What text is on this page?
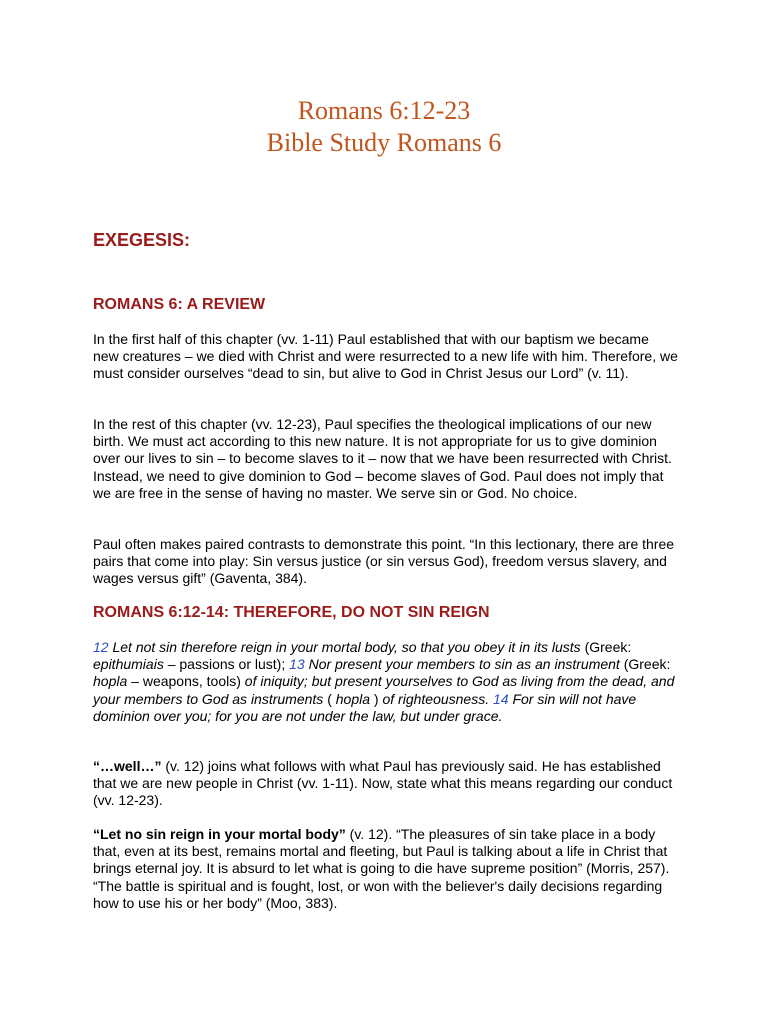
Romans 6:12-23
Bible Study Romans 6
EXEGESIS:
ROMANS 6: A REVIEW

In the first half of this chapter (vv. 1-11) Paul established that with our baptism we became new creatures – we died with Christ and were resurrected to a new life with him. Therefore, we must consider ourselves “dead to sin, but alive to God in Christ Jesus our Lord” (v. 11).

In the rest of this chapter (vv. 12-23), Paul specifies the theological implications of our new birth. We must act according to this new nature. It is not appropriate for us to give dominion over our lives to sin – to become slaves to it – now that we have been resurrected with Christ. Instead, we need to give dominion to God – become slaves of God. Paul does not imply that we are free in the sense of having no master. We serve sin or God. No choice.

Paul often makes paired contrasts to demonstrate this point. “In this lectionary, there are three pairs that come into play: Sin versus justice (or sin versus God), freedom versus slavery, and wages versus gift” (Gaventa, 384).

ROMANS 6:12-14: THEREFORE, DO NOT SIN REIGN

12 Let not sin therefore reign in your mortal body, so that you obey it in its lusts (Greek: epithumiais – passions or lust); 13 Nor present your members to sin as an instrument (Greek: hopla – weapons, tools) of iniquity; but present yourselves to God as living from the dead, and your members to God as instruments ( hopla ) of righteousness. 14 For sin will not have dominion over you; for you are not under the law, but under grace.

“…well…” (v. 12) joins what follows with what Paul has previously said. He has established that we are new people in Christ (vv. 1-11). Now, state what this means regarding our conduct (vv. 12-23).

“Let no sin reign in your mortal body” (v. 12). “The pleasures of sin take place in a body that, even at its best, remains mortal and fleeting, but Paul is talking about a life in Christ that brings eternal joy. It is absurd to let what is going to die have supreme position” (Morris, 257). “The battle is spiritual and is fought, lost, or won with the believer's daily decisions regarding how to use his or her body” (Moo, 383).
